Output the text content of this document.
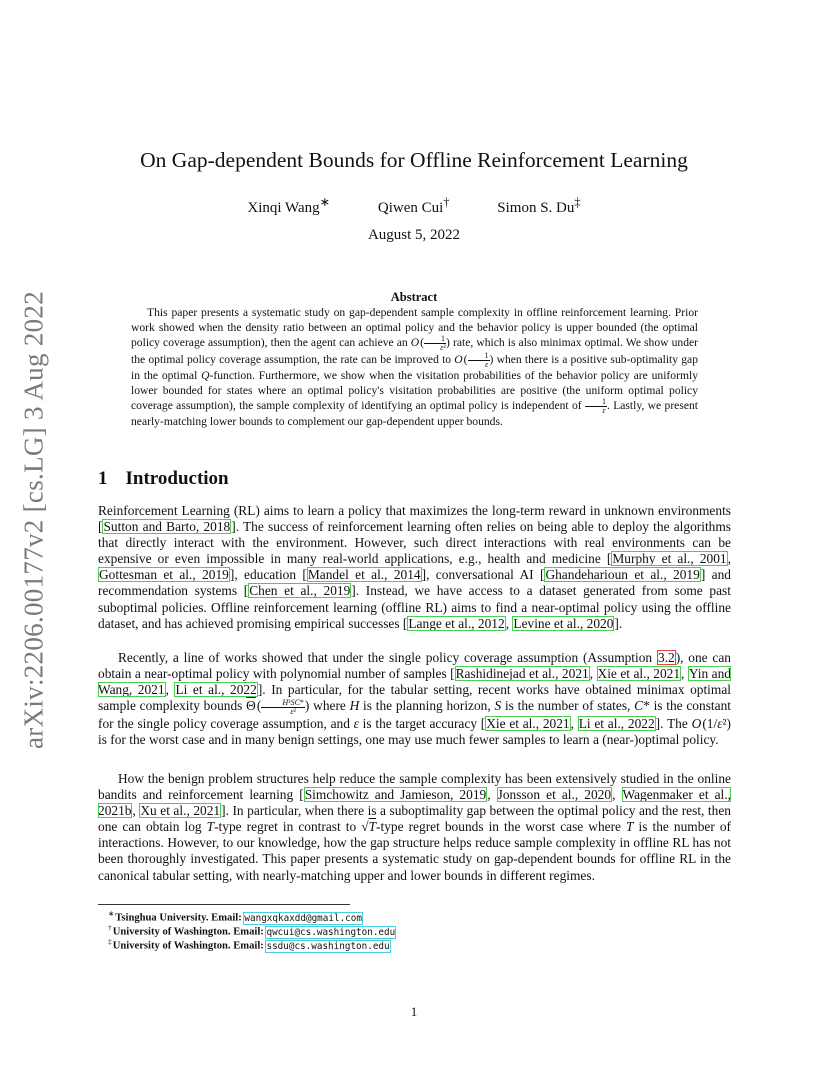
arXiv:2206.00177v2 [cs.LG] 3 Aug 2022
On Gap-dependent Bounds for Offline Reinforcement Learning
Xinqi Wang∗	Qiwen Cui†	Simon S. Du‡
August 5, 2022
Abstract
This paper presents a systematic study on gap-dependent sample complexity in offline reinforcement learning. Prior work showed when the density ratio between an optimal policy and the behavior policy is upper bounded (the optimal policy coverage assumption), then the agent can achieve an O ( $\frac{1}{\text{ε²}}$ ) rate, which is also minimax optimal. We show under the optimal policy coverage assumption, the rate can be improved to O ( $\frac{1}{\varepsilon}$ ) when there is a positive sub-optimality gap in the optimal Q-function. Furthermore, we show when the visitation probabilities of the behavior policy are uniformly lower bounded for states where an optimal policy's visitation probabilities are positive (the uniform optimal policy coverage assumption), the sample complexity of identifying an optimal policy is independent of $\frac{1}{\varepsilon}$ . Lastly, we present nearly-matching lower bounds to complement our gap-dependent upper bounds.
1 Introduction
Reinforcement Learning (RL) aims to learn a policy that maximizes the long-term reward in unknown environments [Sutton and Barto, 2018]. The success of reinforcement learning often relies on being able to deploy the algorithms that directly interact with the environment. However, such direct interactions with real environments can be expensive or even impossible in many real-world applications, e.g., health and medicine [Murphy et al., 2001, Gottesman et al., 2019], education [Mandel et al., 2014], conversational AI [Ghandeharioun et al., 2019] and recommendation systems [Chen et al., 2019]. Instead, we have access to a dataset generated from some past suboptimal policies. Offline reinforcement learning (offline RL) aims to find a near-optimal policy using the offline dataset, and has achieved promising empirical successes [Lange et al., 2012, Levine et al., 2020].
Recently, a line of works showed that under the single policy coverage assumption (Assumption 3.2), one can obtain a near-optimal policy with polynomial number of samples [Rashidinejad et al., 2021, Xie et al., 2021, Yin and Wang, 2021, Li et al., 2022]. In particular, for the tabular setting, recent works have obtained minimax optimal sample complexity bounds $\overline{\Theta}$ ( $\frac{\text{H³SC*}}{\text{ε²}}$ ) where H is the planning horizon, S is the number of states, C* is the constant for the single policy coverage assumption, and ε is the target accuracy [Xie et al., 2021, Li et al., 2022]. The O (1/ε²) is for the worst case and in many benign settings, one may use much fewer samples to learn a (near-)optimal policy.
How the benign problem structures help reduce the sample complexity has been extensively studied in the online bandits and reinforcement learning [Simchowitz and Jamieson, 2019, Jonsson et al., 2020, Wagenmaker et al., 2021b, Xu et al., 2021]. In particular, when there is a suboptimality gap between the optimal policy and the rest, then one can obtain log T-type regret in contrast to √T-type regret bounds in the worst case where T is the number of interactions. However, to our knowledge, how the gap structure helps reduce sample complexity in offline RL has not been thoroughly investigated. This paper presents a systematic study on gap-dependent bounds for offline RL in the canonical tabular setting, with nearly-matching upper and lower bounds in different regimes.
∗Tsinghua University. Email: wangxqkaxdd@gmail.com
†University of Washington. Email: qwcui@cs.washington.edu
‡University of Washington. Email: ssdu@cs.washington.edu
1
